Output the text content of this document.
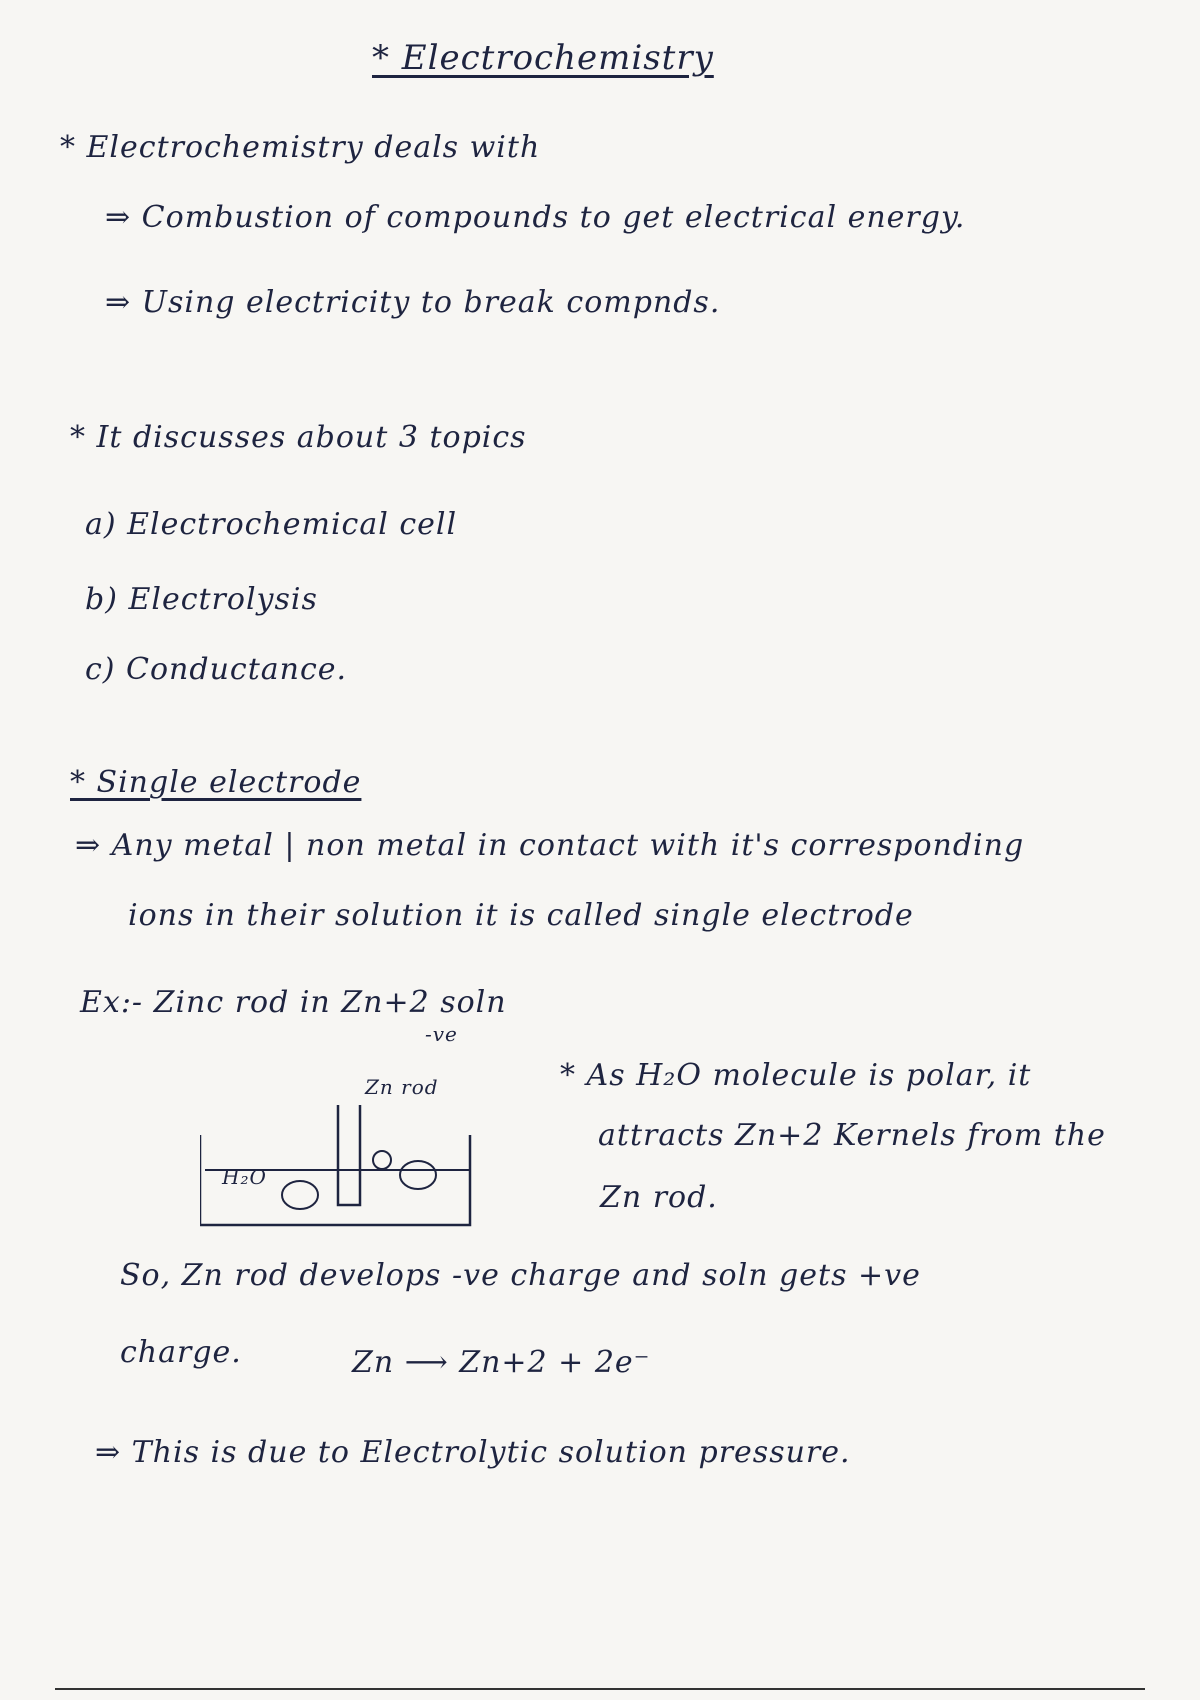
* Electrochemistry
* Electrochemistry deals with
⇒ Combustion of compounds to get electrical energy.
⇒ Using electricity to break compnds.
* It discusses about 3 topics
a) Electrochemical cell
b) Electrolysis
c) Conductance.
* Single electrode
⇒ Any metal | non metal in contact with it's corresponding
ions in their solution it is called single electrode
Ex:- Zinc rod in Zn+2 soln
-ve
Zn rod
H₂O
* As H₂O molecule is polar, it
attracts Zn+2 Kernels from the
Zn rod.
So, Zn rod develops -ve charge and soln gets +ve
charge.	Zn ⟶ Zn+2 + 2e⁻
⇒ This is due to Electrolytic solution pressure.
